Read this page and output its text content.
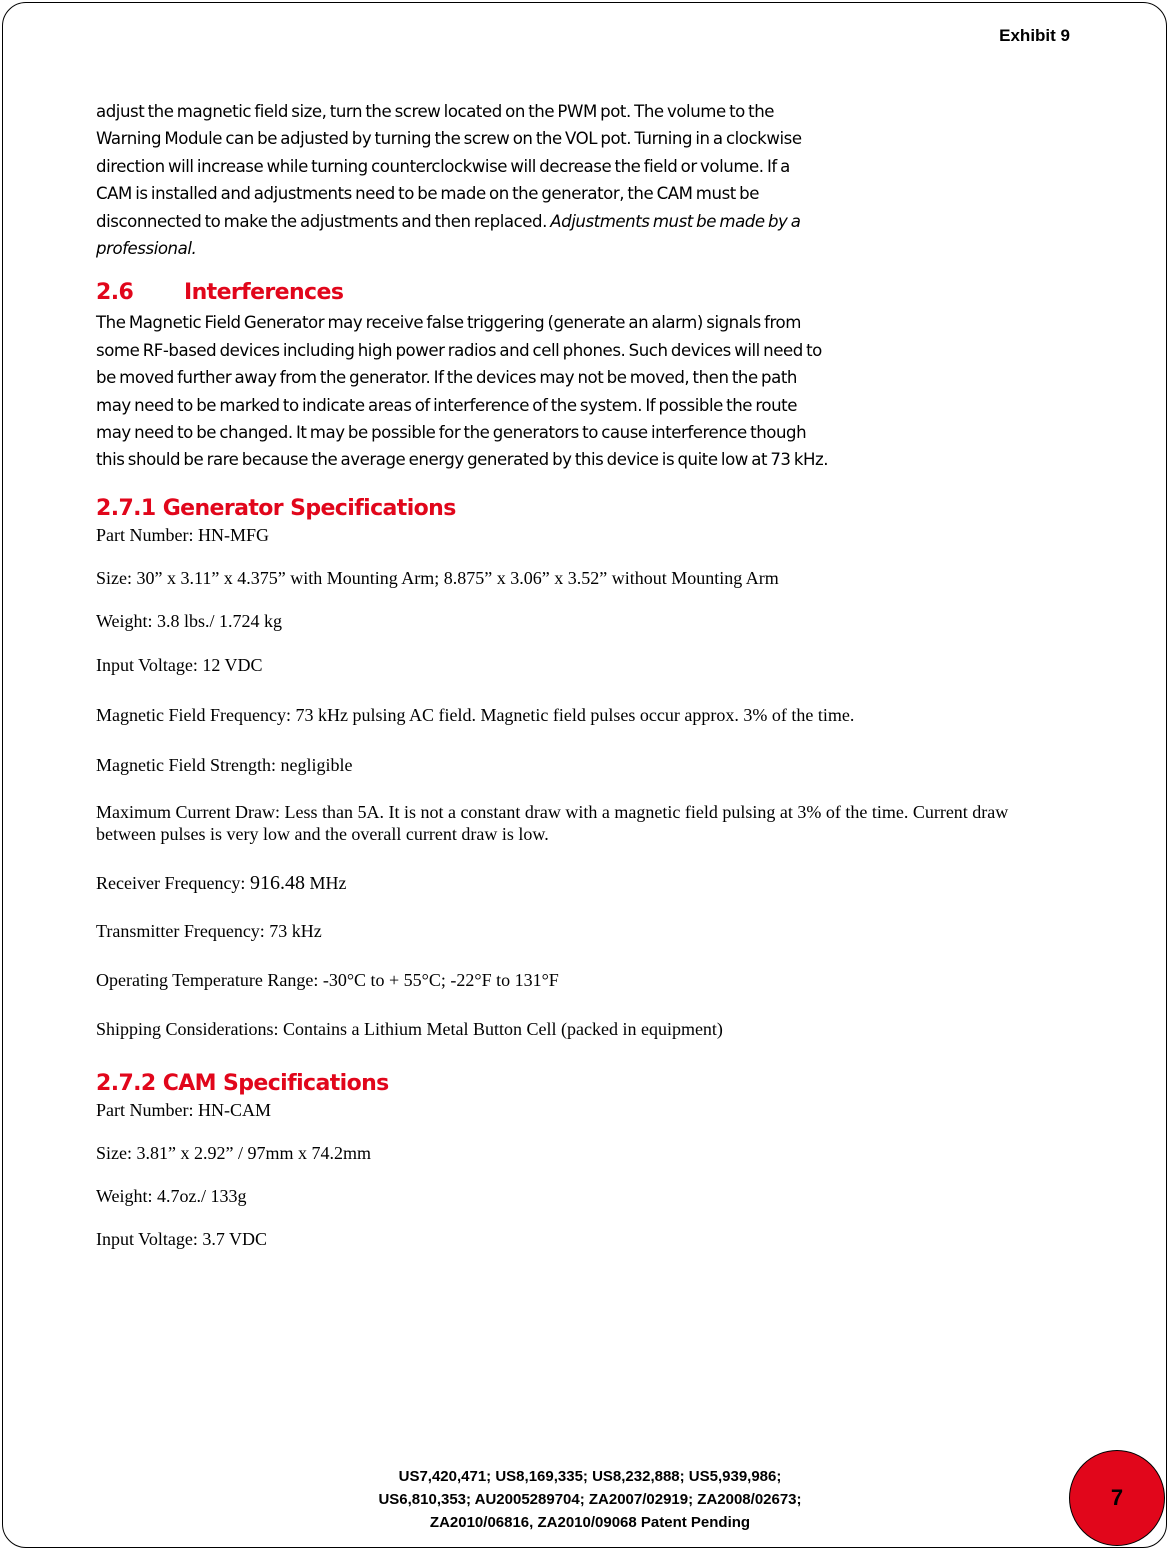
Exhibit 9

adjust the magnetic field size, turn the screw located on the PWM pot. The volume to the
Warning Module can be adjusted by turning the screw on the VOL pot. Turning in a clockwise
direction will increase while turning counterclockwise will decrease the field or volume. If a
CAM is installed and adjustments need to be made on the generator, the CAM must be
disconnected to make the adjustments and then replaced. Adjustments must be made by a
professional.

2.6 Interferences

The Magnetic Field Generator may receive false triggering (generate an alarm) signals from
some RF-based devices including high power radios and cell phones. Such devices will need to
be moved further away from the generator. If the devices may not be moved, then the path
may need to be marked to indicate areas of interference of the system. If possible the route
may need to be changed. It may be possible for the generators to cause interference though
this should be rare because the average energy generated by this device is quite low at 73 kHz.

2.7.1 Generator Specifications

Part Number: HN-MFG

Size: 30” x 3.11” x 4.375” with Mounting Arm; 8.875” x 3.06” x 3.52” without Mounting Arm

Weight: 3.8 lbs./ 1.724 kg

Input Voltage: 12 VDC

Magnetic Field Frequency: 73 kHz pulsing AC field. Magnetic field pulses occur approx. 3% of the time.

Magnetic Field Strength: negligible

Maximum Current Draw: Less than 5A. It is not a constant draw with a magnetic field pulsing at 3% of the time. Current draw between pulses is very low and the overall current draw is low.

Receiver Frequency: 916.48 MHz

Transmitter Frequency: 73 kHz

Operating Temperature Range: -30°C to + 55°C; -22°F to 131°F

Shipping Considerations: Contains a Lithium Metal Button Cell (packed in equipment)

2.7.2 CAM Specifications

Part Number: HN-CAM

Size: 3.81” x 2.92” / 97mm x 74.2mm

Weight: 4.7oz./ 133g

Input Voltage: 3.7 VDC

US7,420,471; US8,169,335; US8,232,888; US5,939,986;
US6,810,353; AU2005289704; ZA2007/02919; ZA2008/02673;
ZA2010/06816, ZA2010/09068 Patent Pending
7
